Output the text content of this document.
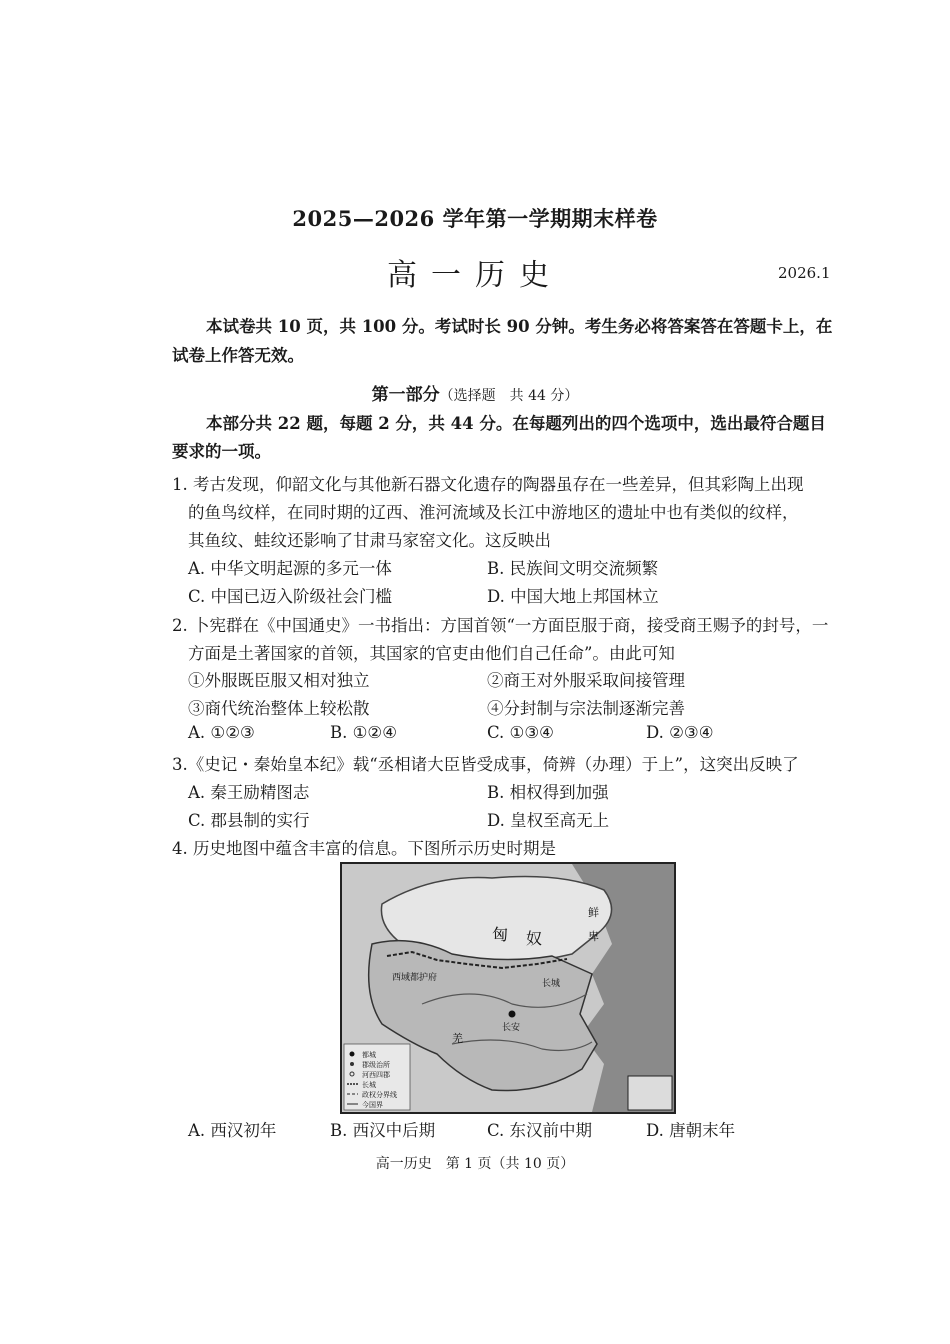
2025—2026 学年第一学期期末样卷
高一历史	2026.1
本试卷共 10 页，共 100 分。考试时长 90 分钟。考生务必将答案答在答题卡上，在
试卷上作答无效。
第一部分（选择题　共 44 分）
本部分共 22 题，每题 2 分，共 44 分。在每题列出的四个选项中，选出最符合题目
要求的一项。
1. 考古发现，仰韶文化与其他新石器文化遗存的陶器虽存在一些差异，但其彩陶上出现
的鱼鸟纹样，在同时期的辽西、淮河流域及长江中游地区的遗址中也有类似的纹样，
其鱼纹、蛙纹还影响了甘肃马家窑文化。这反映出
A. 中华文明起源的多元一体	B. 民族间文明交流频繁
C. 中国已迈入阶级社会门槛	D. 中国大地上邦国林立
2. 卜宪群在《中国通史》一书指出：方国首领“一方面臣服于商，接受商王赐予的封号，一
方面是土著国家的首领，其国家的官吏由他们自己任命”。由此可知
①外服既臣服又相对独立	②商王对外服采取间接管理
③商代统治整体上较松散	④分封制与宗法制逐渐完善
A. ①②③	B. ①②④	C. ①③④	D. ②③④
3.《史记・秦始皇本纪》载“丞相诸大臣皆受成事，倚辨（办理）于上”，这突出反映了
A. 秦王励精图志	B. 相权得到加强
C. 郡县制的实行	D. 皇权至高无上
4. 历史地图中蕴含丰富的信息。下图所示历史时期是
匈 奴
鲜
卑
西域都护府
长安
长城
羌
都城
郡级治所
河西四郡
长城
政权分界线
今国界
A. 西汉初年	B. 西汉中后期	C. 东汉前中期	D. 唐朝末年
高一历史　第 1 页（共 10 页）
